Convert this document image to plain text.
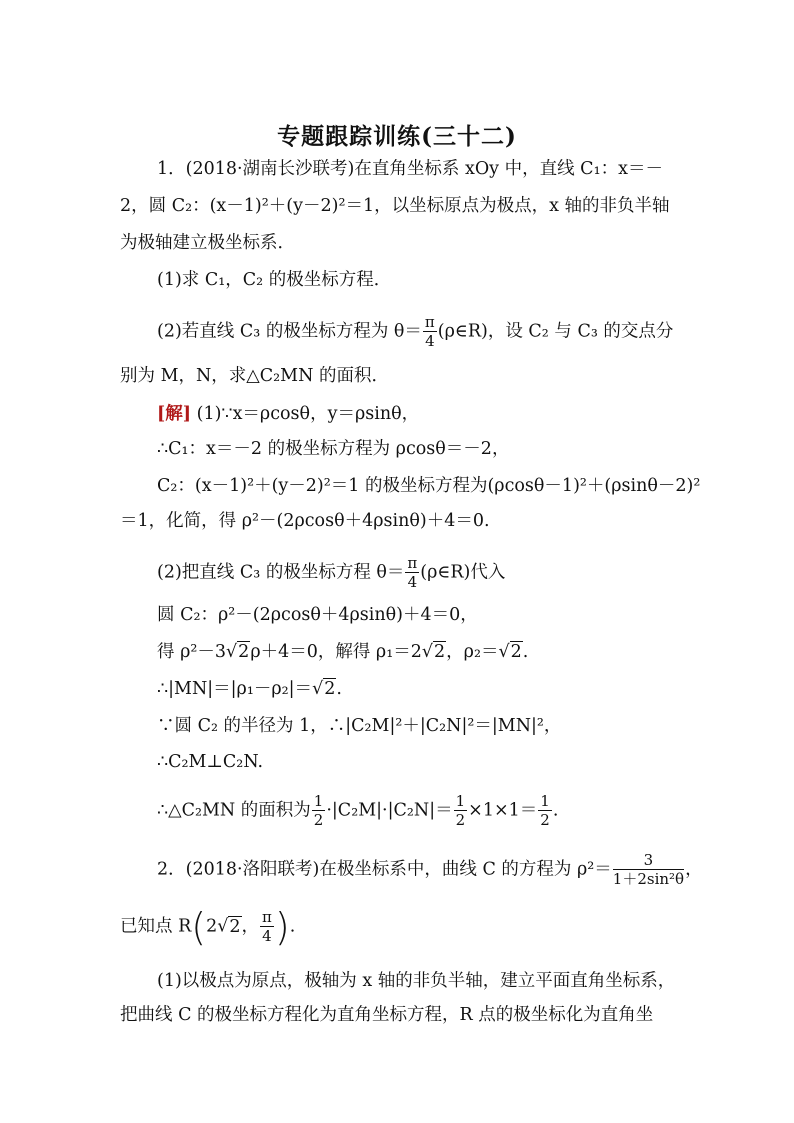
专题跟踪训练(三十二)
1．(2018·湖南长沙联考)在直角坐标系 xOy 中，直线 C₁：x＝－
2，圆 C₂：(x－1)²＋(y－2)²＝1，以坐标原点为极点，x 轴的非负半轴
为极轴建立极坐标系．
(1)求 C₁，C₂ 的极坐标方程．
(2)若直线 C₃ 的极坐标方程为 $\theta= \frac{\pi}{4}$ (ρ∈R)，设 C₂ 与 C₃ 的交点分
别为 M，N，求△C₂MN 的面积．
[解] (1)∵x＝ρcosθ，y＝ρsinθ，
∴C₁：x＝－2 的极坐标方程为 ρcosθ＝－2，
C₂：(x－1)²＋(y－2)²＝1 的极坐标方程为(ρcosθ－1)²＋(ρsinθ－2)²
＝1，化简，得 ρ²－(2ρcosθ＋4ρsinθ)＋4＝0.
(2)把直线 C₃ 的极坐标方程 $\theta= \frac{\pi}{4}$ (ρ∈R)代入
圆 C₂：ρ²－(2ρcosθ＋4ρsinθ)＋4＝0，
得 ρ²－3√2ρ＋4＝0，解得 ρ₁＝2√2，ρ₂＝√2.
∴|MN|＝|ρ₁－ρ₂|＝√2.
∵圆 C₂ 的半径为 1，∴|C₂M|²＋|C₂N|²＝|MN|²，
∴C₂M⊥C₂N.
∴△C₂MN 的面积为 $\frac{1}{2} \cdot|C_2M|\cdot|C_2N|= \frac{1}{2} \times 1\times 1= \frac{1}{2}$ .
2．(2018·洛阳联考)在极坐标系中，曲线 C 的方程为 $\rho^2= \frac{3}{\text{1＋2sin²θ}}$ ，
已知点 R(2√2， $\frac{\pi}{4}$ ).
(1)以极点为原点，极轴为 x 轴的非负半轴，建立平面直角坐标系，
把曲线 C 的极坐标方程化为直角坐标方程，R 点的极坐标化为直角坐
